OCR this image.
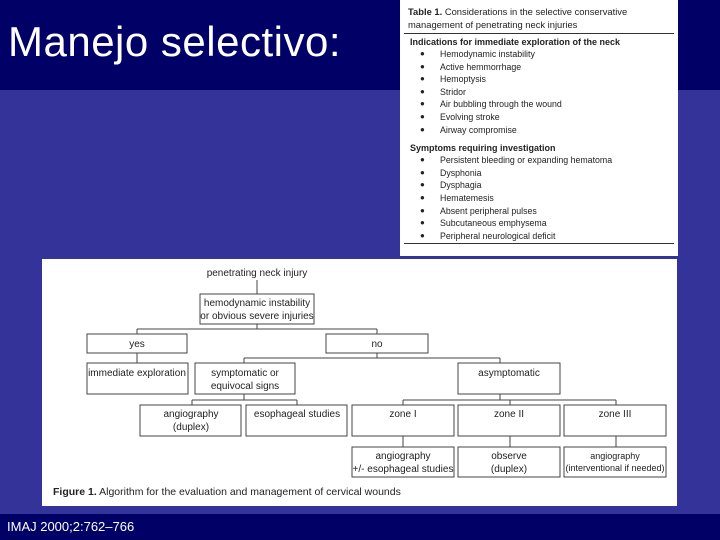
Manejo selectivo:
Table 1. Considerations in the selective conservative management of penetrating neck injuries
Indications for immediate exploration of the neck
● Hemodynamic instability
● Active hemmorrhage
● Hemoptysis
● Stridor
● Air bubbling through the wound
● Evolving stroke
● Airway compromise
Symptoms requiring investigation
● Persistent bleeding or expanding hematoma
● Dysphonia
● Dysphagia
● Hematemesis
● Absent peripheral pulses
● Subcutaneous emphysema
● Peripheral neurological deficit
penetrating neck injury
hemodynamic instability
or obvious severe injuries
yes	no
immediate exploration	symptomatic or
equivocal signs
asymptomatic
angiography
(duplex)
esophageal studies	zone I	zone II	zone III
angiography
+/- esophageal studies
observe
(duplex)
angiography
(interventional if needed)
Figure 1. Algorithm for the evaluation and management of cervical wounds
IMAJ 2000;2:762–766
